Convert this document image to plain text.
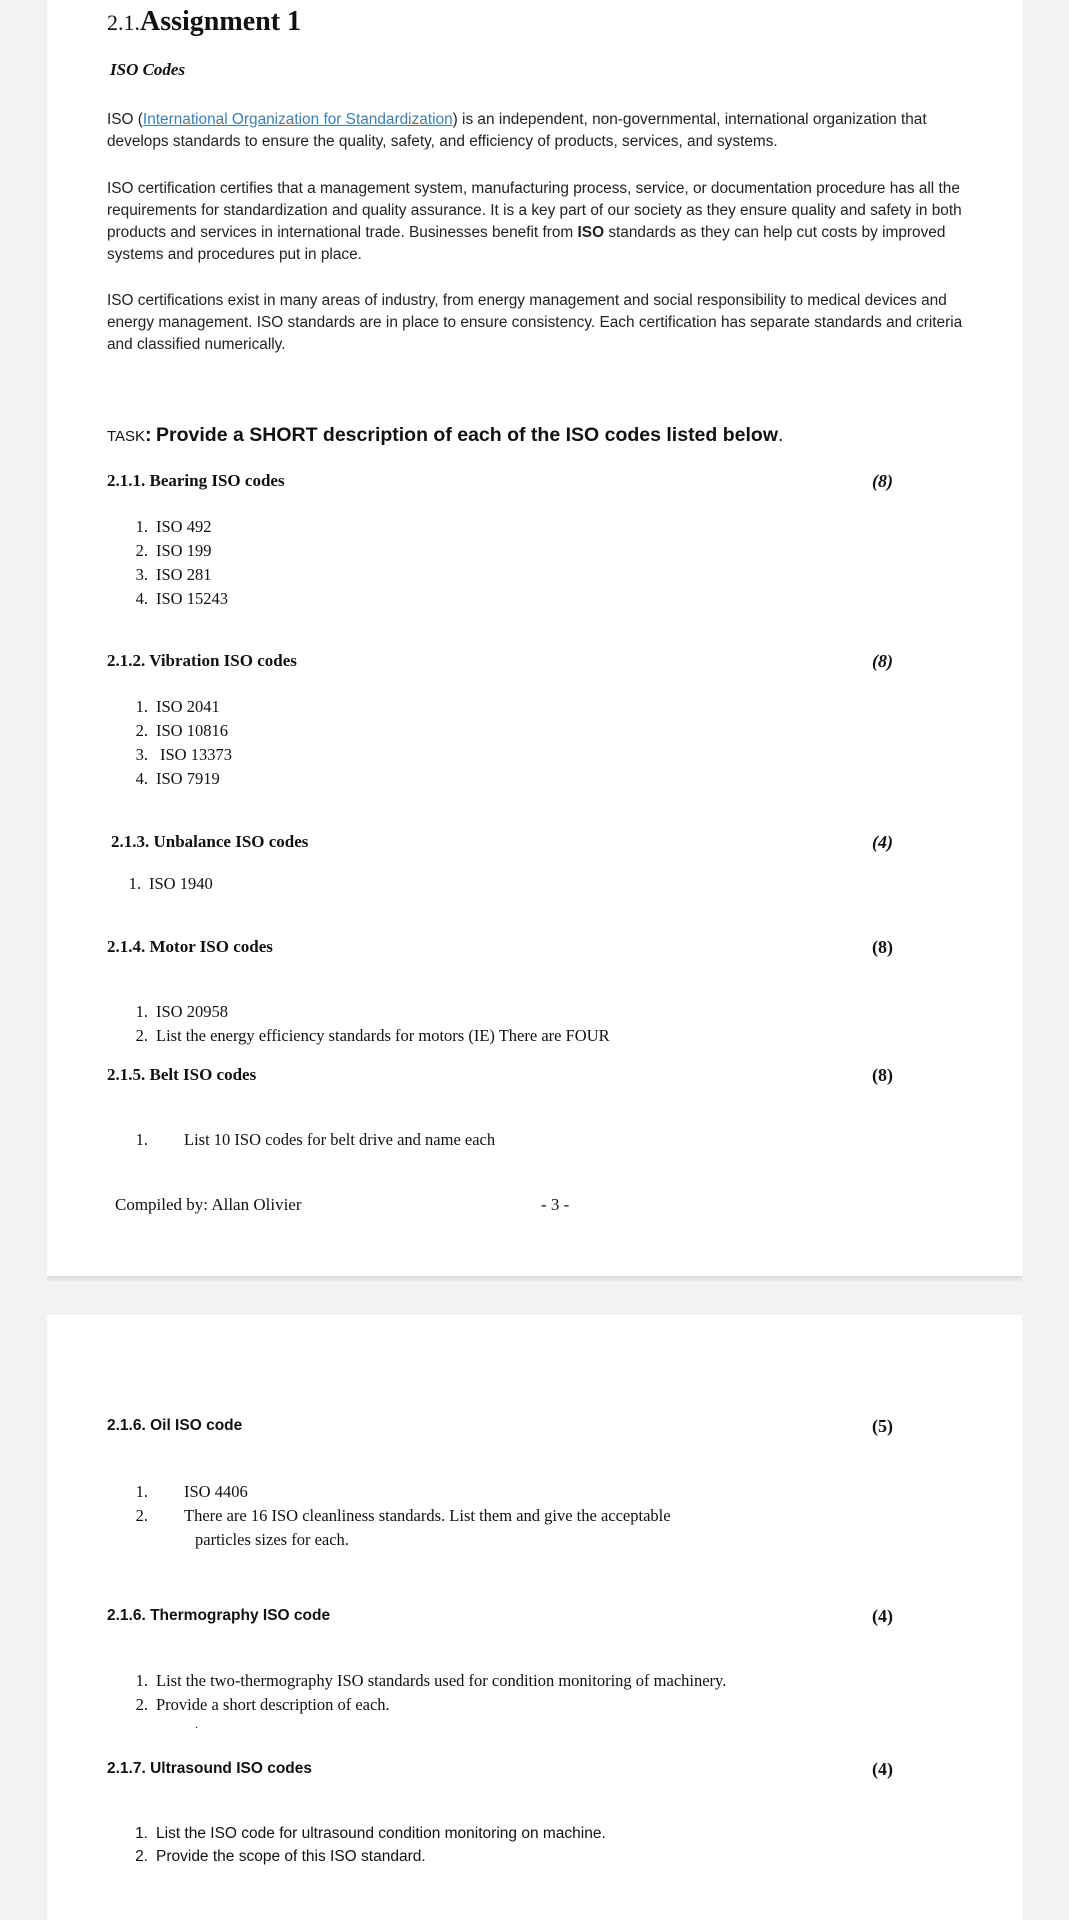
2.1.Assignment 1
ISO Codes
ISO (International Organization for Standardization) is an independent, non-governmental, international organization that develops standards to ensure the quality, safety, and efficiency of products, services, and systems.
ISO certification certifies that a management system, manufacturing process, service, or documentation procedure has all the requirements for standardization and quality assurance. It is a key part of our society as they ensure quality and safety in both products and services in international trade. Businesses benefit from ISO standards as they can help cut costs by improved systems and procedures put in place.
ISO certifications exist in many areas of industry, from energy management and social responsibility to medical devices and energy management. ISO standards are in place to ensure consistency. Each certification has separate standards and criteria and classified numerically.
TASK: Provide a SHORT description of each of the ISO codes listed below.
2.1.1. Bearing ISO codes	(8)
1. ISO 492
2. ISO 199
3. ISO 281
4. ISO 15243
2.1.2. Vibration ISO codes	(8)
1. ISO 2041
2. ISO 10816
3. ISO 13373
4. ISO 7919
2.1.3. Unbalance ISO codes	(4)
1. ISO 1940
2.1.4. Motor ISO codes	(8)
1. ISO 20958
2. List the energy efficiency standards for motors (IE) There are FOUR
2.1.5. Belt ISO codes	(8)
1. List 10 ISO codes for belt drive and name each
Compiled by: Allan Olivier	- 3 -
2.1.6. Oil ISO code	(5)
1. ISO 4406
2. There are 16 ISO cleanliness standards. List them and give the acceptable
particles sizes for each.
2.1.6. Thermography ISO code	(4)
1. List the two-thermography ISO standards used for condition monitoring of machinery.
2. Provide a short description of each.
.
2.1.7. Ultrasound ISO codes	(4)
1. List the ISO code for ultrasound condition monitoring on machine.
2. Provide the scope of this ISO standard.
